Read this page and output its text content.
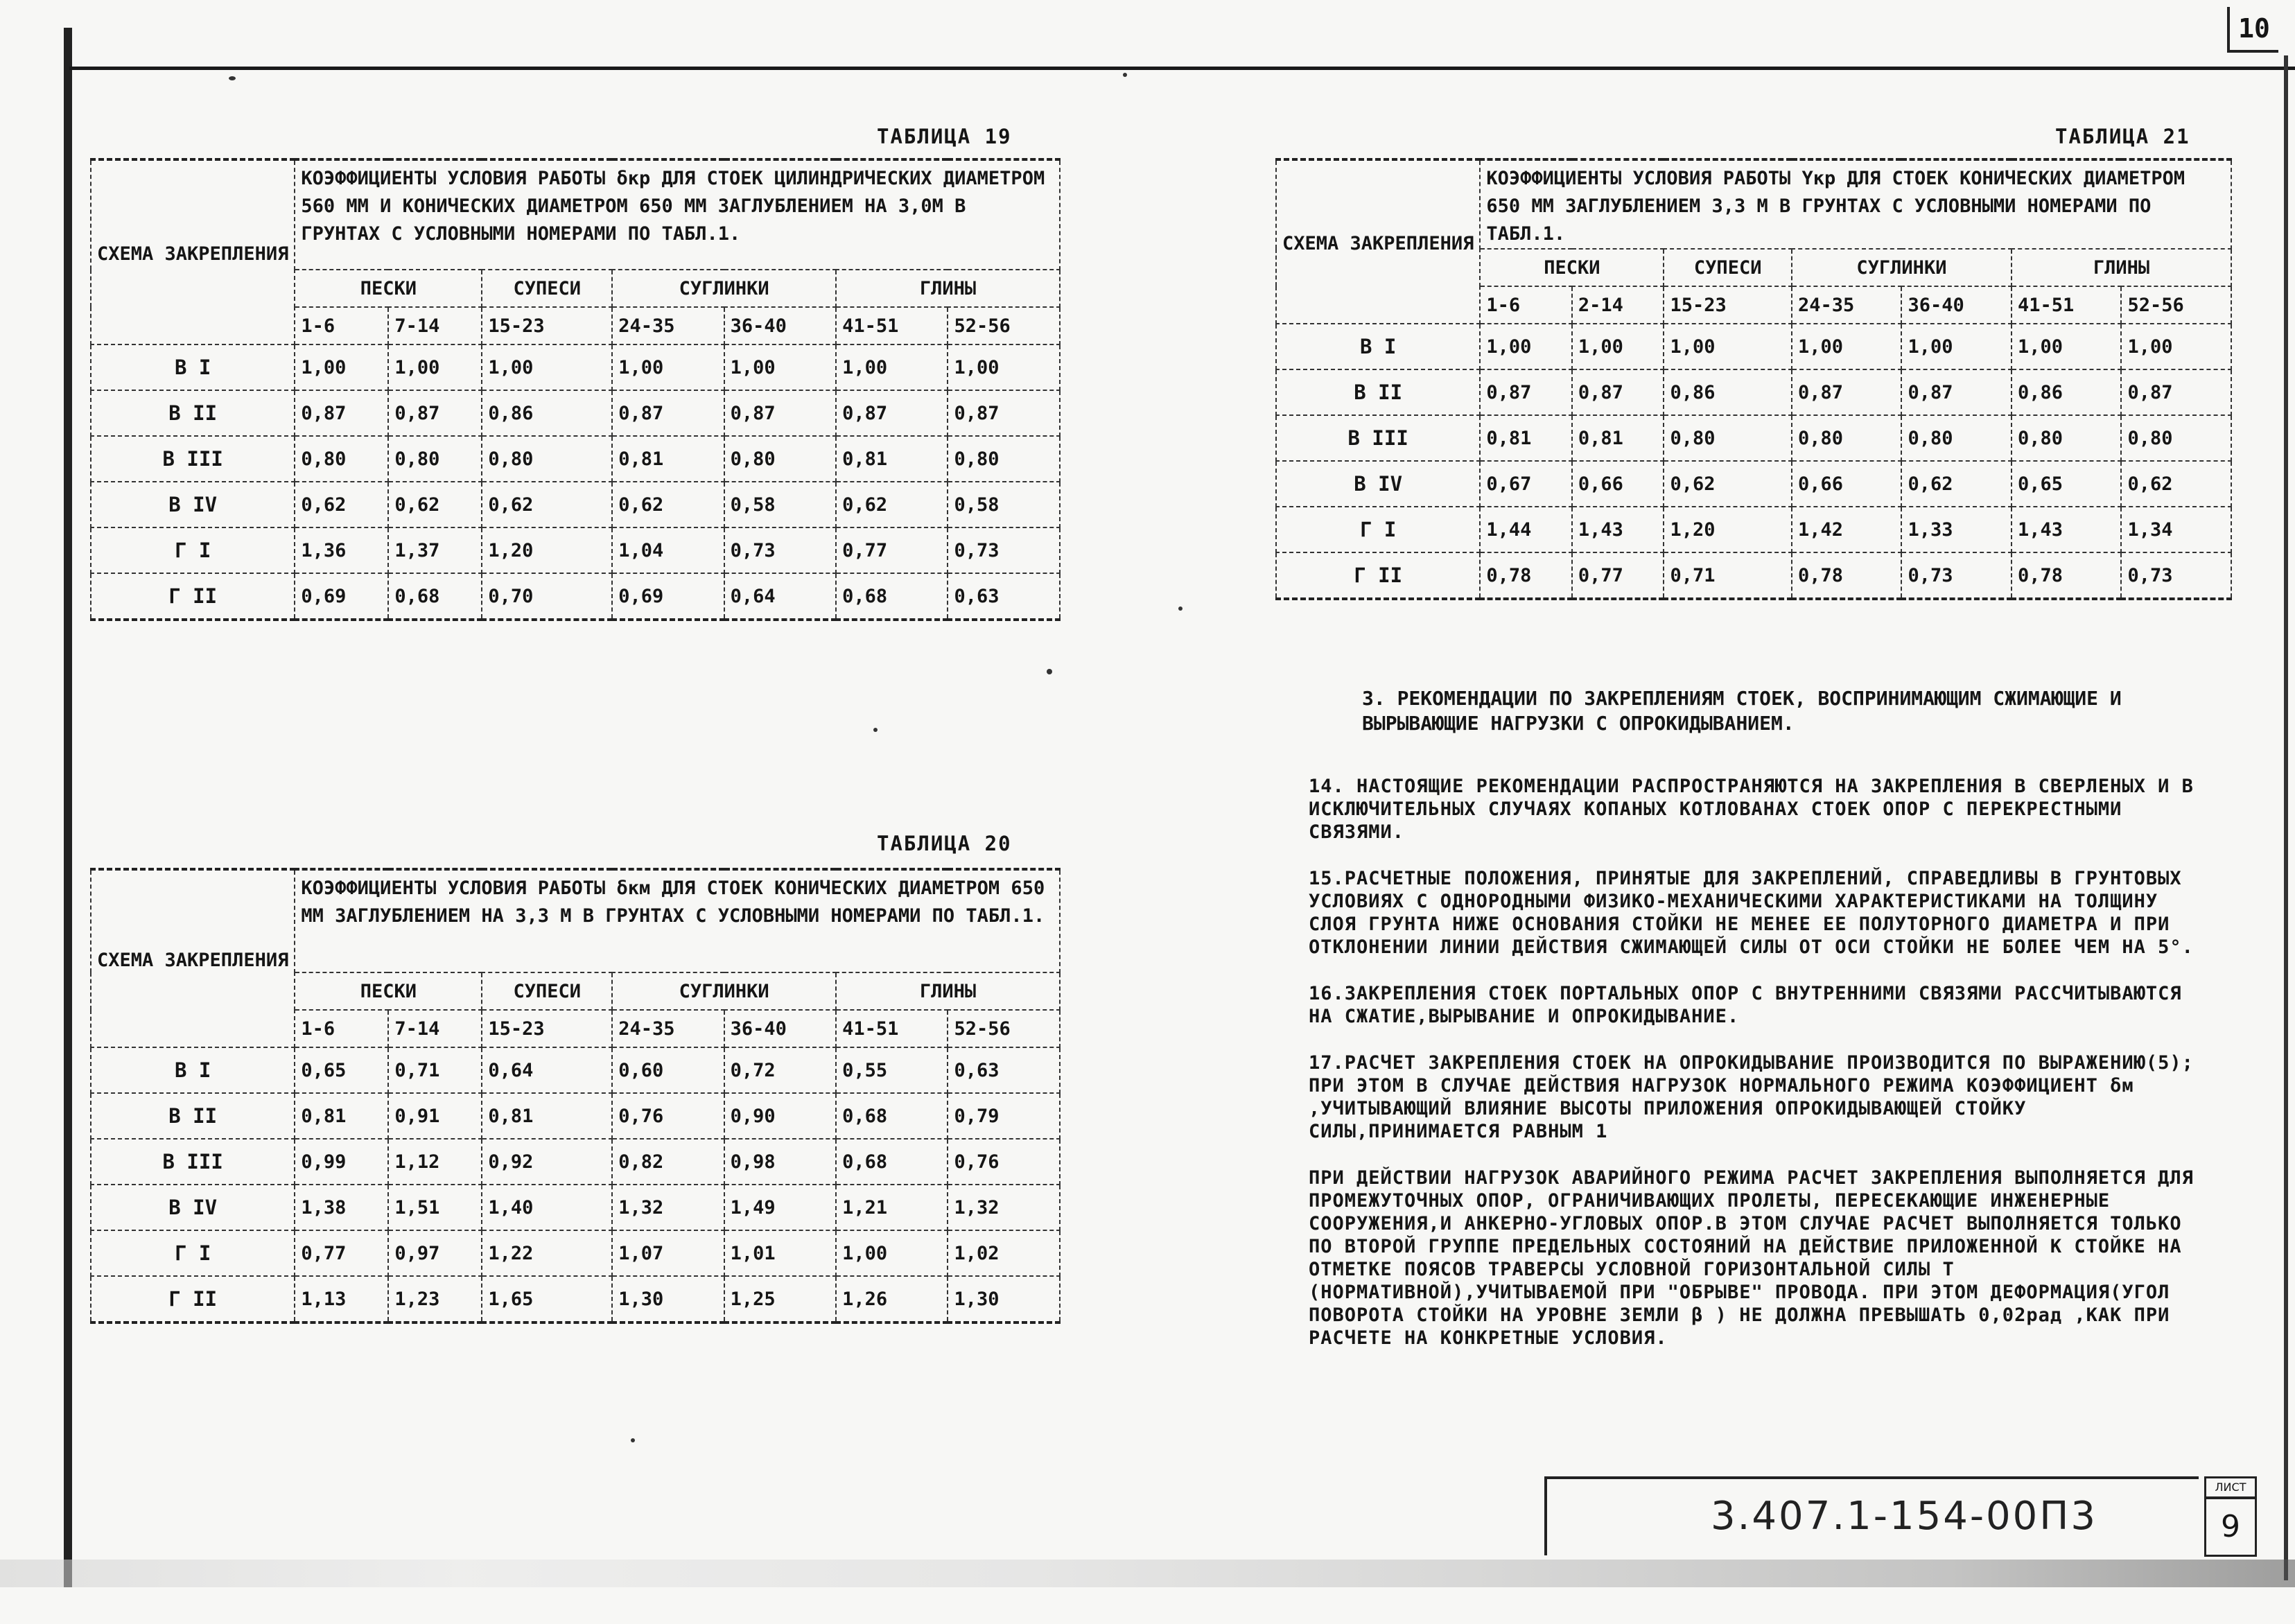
10
ТАБЛИЦА 19
СХЕМА ЗАКРЕПЛЕНИЯ	КОЭФФИЦИЕНТЫ УСЛОВИЯ РАБОТЫ δкр ДЛЯ СТОЕК ЦИЛИНДРИЧЕСКИХ ДИАМЕТРОМ 560 ММ И КОНИЧЕСКИХ ДИАМЕТРОМ 650 ММ ЗАГЛУБЛЕНИЕМ НА 3,0М В ГРУНТАХ С УСЛОВНЫМИ НОМЕРАМИ ПО ТАБЛ.1.						
	ПЕСКИ		СУПЕСИ	СУГЛИНКИ		ГЛИНЫ	
	1-6	7-14	15-23	24-35	36-40	41-51	52-56
В I	1,00	1,00	1,00	1,00	1,00	1,00	1,00
В II	0,87	0,87	0,86	0,87	0,87	0,87	0,87
В III	0,80	0,80	0,80	0,81	0,80	0,81	0,80
В IV	0,62	0,62	0,62	0,62	0,58	0,62	0,58
Г I	1,36	1,37	1,20	1,04	0,73	0,77	0,73
Г II	0,69	0,68	0,70	0,69	0,64	0,68	0,63
ТАБЛИЦА 20
СХЕМА ЗАКРЕПЛЕНИЯ	КОЭФФИЦИЕНТЫ УСЛОВИЯ РАБОТЫ δкм ДЛЯ СТОЕК КОНИЧЕСКИХ ДИАМЕТРОМ 650 ММ ЗАГЛУБЛЕНИЕМ НА 3,3 М В ГРУНТАХ С УСЛОВНЫМИ НОМЕРАМИ ПО ТАБЛ.1.						
	ПЕСКИ		СУПЕСИ	СУГЛИНКИ		ГЛИНЫ	
	1-6	7-14	15-23	24-35	36-40	41-51	52-56
В I	0,65	0,71	0,64	0,60	0,72	0,55	0,63
В II	0,81	0,91	0,81	0,76	0,90	0,68	0,79
В III	0,99	1,12	0,92	0,82	0,98	0,68	0,76
В IV	1,38	1,51	1,40	1,32	1,49	1,21	1,32
Г I	0,77	0,97	1,22	1,07	1,01	1,00	1,02
Г II	1,13	1,23	1,65	1,30	1,25	1,26	1,30
ТАБЛИЦА 21
СХЕМА ЗАКРЕПЛЕНИЯ	КОЭФФИЦИЕНТЫ УСЛОВИЯ РАБОТЫ Yкр ДЛЯ СТОЕК КОНИЧЕСКИХ ДИАМЕТРОМ 650 ММ ЗАГЛУБЛЕНИЕМ 3,3 М В ГРУНТАХ С УСЛОВНЫМИ НОМЕРАМИ ПО ТАБЛ.1.						
	ПЕСКИ		СУПЕСИ	СУГЛИНКИ		ГЛИНЫ	
	1-6	2-14	15-23	24-35	36-40	41-51	52-56
В I	1,00	1,00	1,00	1,00	1,00	1,00	1,00
В II	0,87	0,87	0,86	0,87	0,87	0,86	0,87
В III	0,81	0,81	0,80	0,80	0,80	0,80	0,80
В IV	0,67	0,66	0,62	0,66	0,62	0,65	0,62
Г I	1,44	1,43	1,20	1,42	1,33	1,43	1,34
Г II	0,78	0,77	0,71	0,78	0,73	0,78	0,73
3. РЕКОМЕНДАЦИИ ПО ЗАКРЕПЛЕНИЯМ СТОЕК, ВОСПРИНИМАЮЩИМ СЖИМАЮЩИЕ И ВЫРЫВАЮЩИЕ НАГРУЗКИ С ОПРОКИДЫВАНИЕМ.

14. НАСТОЯЩИЕ РЕКОМЕНДАЦИИ РАСПРОСТРАНЯЮТСЯ НА ЗАКРЕПЛЕНИЯ В СВЕРЛЕНЫХ И В ИСКЛЮЧИТЕЛЬНЫХ СЛУЧАЯХ КОПАНЫХ КОТЛОВАНАХ СТОЕК ОПОР С ПЕРЕКРЕСТНЫМИ СВЯЗЯМИ.

15.РАСЧЕТНЫЕ ПОЛОЖЕНИЯ, ПРИНЯТЫЕ ДЛЯ ЗАКРЕПЛЕНИЙ, СПРАВЕДЛИВЫ В ГРУНТОВЫХ УСЛОВИЯХ С ОДНОРОДНЫМИ ФИЗИКО-МЕХАНИЧЕСКИМИ ХАРАКТЕРИСТИКАМИ НА ТОЛЩИНУ СЛОЯ ГРУНТА НИЖЕ ОСНОВАНИЯ СТОЙКИ НЕ МЕНЕЕ ЕЕ ПОЛУТОРНОГО ДИАМЕТРА И ПРИ ОТКЛОНЕНИИ ЛИНИИ ДЕЙСТВИЯ СЖИМАЮЩЕЙ СИЛЫ ОТ ОСИ СТОЙКИ НЕ БОЛЕЕ ЧЕМ НА 5°.

16.ЗАКРЕПЛЕНИЯ СТОЕК ПОРТАЛЬНЫХ ОПОР С ВНУТРЕННИМИ СВЯЗЯМИ РАССЧИТЫВАЮТСЯ НА СЖАТИЕ,ВЫРЫВАНИЕ И ОПРОКИДЫВАНИЕ.

17.РАСЧЕТ ЗАКРЕПЛЕНИЯ СТОЕК НА ОПРОКИДЫВАНИЕ ПРОИЗВОДИТСЯ ПО ВЫРАЖЕНИЮ(5); ПРИ ЭТОМ В СЛУЧАЕ ДЕЙСТВИЯ НАГРУЗОК НОРМАЛЬНОГО РЕЖИМА КОЭФФИЦИЕНТ δм ,УЧИТЫВАЮЩИЙ ВЛИЯНИЕ ВЫСОТЫ ПРИЛОЖЕНИЯ ОПРОКИДЫВАЮЩЕЙ СТОЙКУ СИЛЫ,ПРИНИМАЕТСЯ РАВНЫМ 1

ПРИ ДЕЙСТВИИ НАГРУЗОК АВАРИЙНОГО РЕЖИМА РАСЧЕТ ЗАКРЕПЛЕНИЯ ВЫПОЛНЯЕТСЯ ДЛЯ ПРОМЕЖУТОЧНЫХ ОПОР, ОГРАНИЧИВАЮЩИХ ПРОЛЕТЫ, ПЕРЕСЕКАЮЩИЕ ИНЖЕНЕРНЫЕ СООРУЖЕНИЯ,И АНКЕРНО-УГЛОВЫХ ОПОР.В ЭТОМ СЛУЧАЕ РАСЧЕТ ВЫПОЛНЯЕТСЯ ТОЛЬКО ПО ВТОРОЙ ГРУППЕ ПРЕДЕЛЬНЫХ СОСТОЯНИЙ НА ДЕЙСТВИЕ ПРИЛОЖЕННОЙ К СТОЙКЕ НА ОТМЕТКЕ ПОЯСОВ ТРАВЕРСЫ УСЛОВНОЙ ГОРИЗОНТАЛЬНОЙ СИЛЫ Т (НОРМАТИВНОЙ),УЧИТЫВАЕМОЙ ПРИ "ОБРЫВЕ" ПРОВОДА. ПРИ ЭТОМ ДЕФОРМАЦИЯ(УГОЛ ПОВОРОТА СТОЙКИ НА УРОВНЕ ЗЕМЛИ β ) НЕ ДОЛЖНА ПРЕВЫШАТЬ 0,02рад ,КАК ПРИ РАСЧЕТЕ НА КОНКРЕТНЫЕ УСЛОВИЯ.

3.407.1-154-00П3
ЛИСТ
9
